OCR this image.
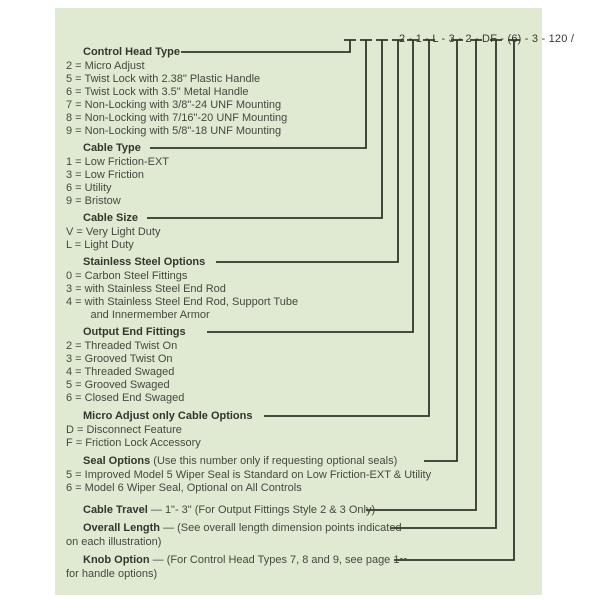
2 - 1 - L - 3 - 2 - DF - (6) - 3 - 120 /
Control Head Type
2 = Micro Adjust
5 = Twist Lock with 2.38" Plastic Handle
6 = Twist Lock with 3.5" Metal Handle
7 = Non-Locking with 3/8"-24 UNF Mounting
8 = Non-Locking with 7/16"-20 UNF Mounting
9 = Non-Locking with 5/8"-18 UNF Mounting
Cable Type
1 = Low Friction-EXT
3 = Low Friction
6 = Utility
9 = Bristow
Cable Size
V = Very Light Duty
L = Light Duty
Stainless Steel Options
0 = Carbon Steel Fittings
3 = with Stainless Steel End Rod
4 = with Stainless Steel End Rod, Support Tube
and Innermember Armor
Output End Fittings
2 = Threaded Twist On
3 = Grooved Twist On
4 = Threaded Swaged
5 = Grooved Swaged
6 = Closed End Swaged
Micro Adjust only Cable Options
D = Disconnect Feature
F = Friction Lock Accessory
Seal Options (Use this number only if requesting optional seals)
5 = Improved Model 5 Wiper Seal is Standard on Low Friction-EXT & Utility
6 = Model 6 Wiper Seal, Optional on All Controls
Cable Travel — 1"- 3" (For Output Fittings Style 2 & 3 Only)
Overall Length — (See overall length dimension points indicated
on each illustration)
Knob Option — (For Control Head Types 7, 8 and 9, see page 1••
for handle options)
